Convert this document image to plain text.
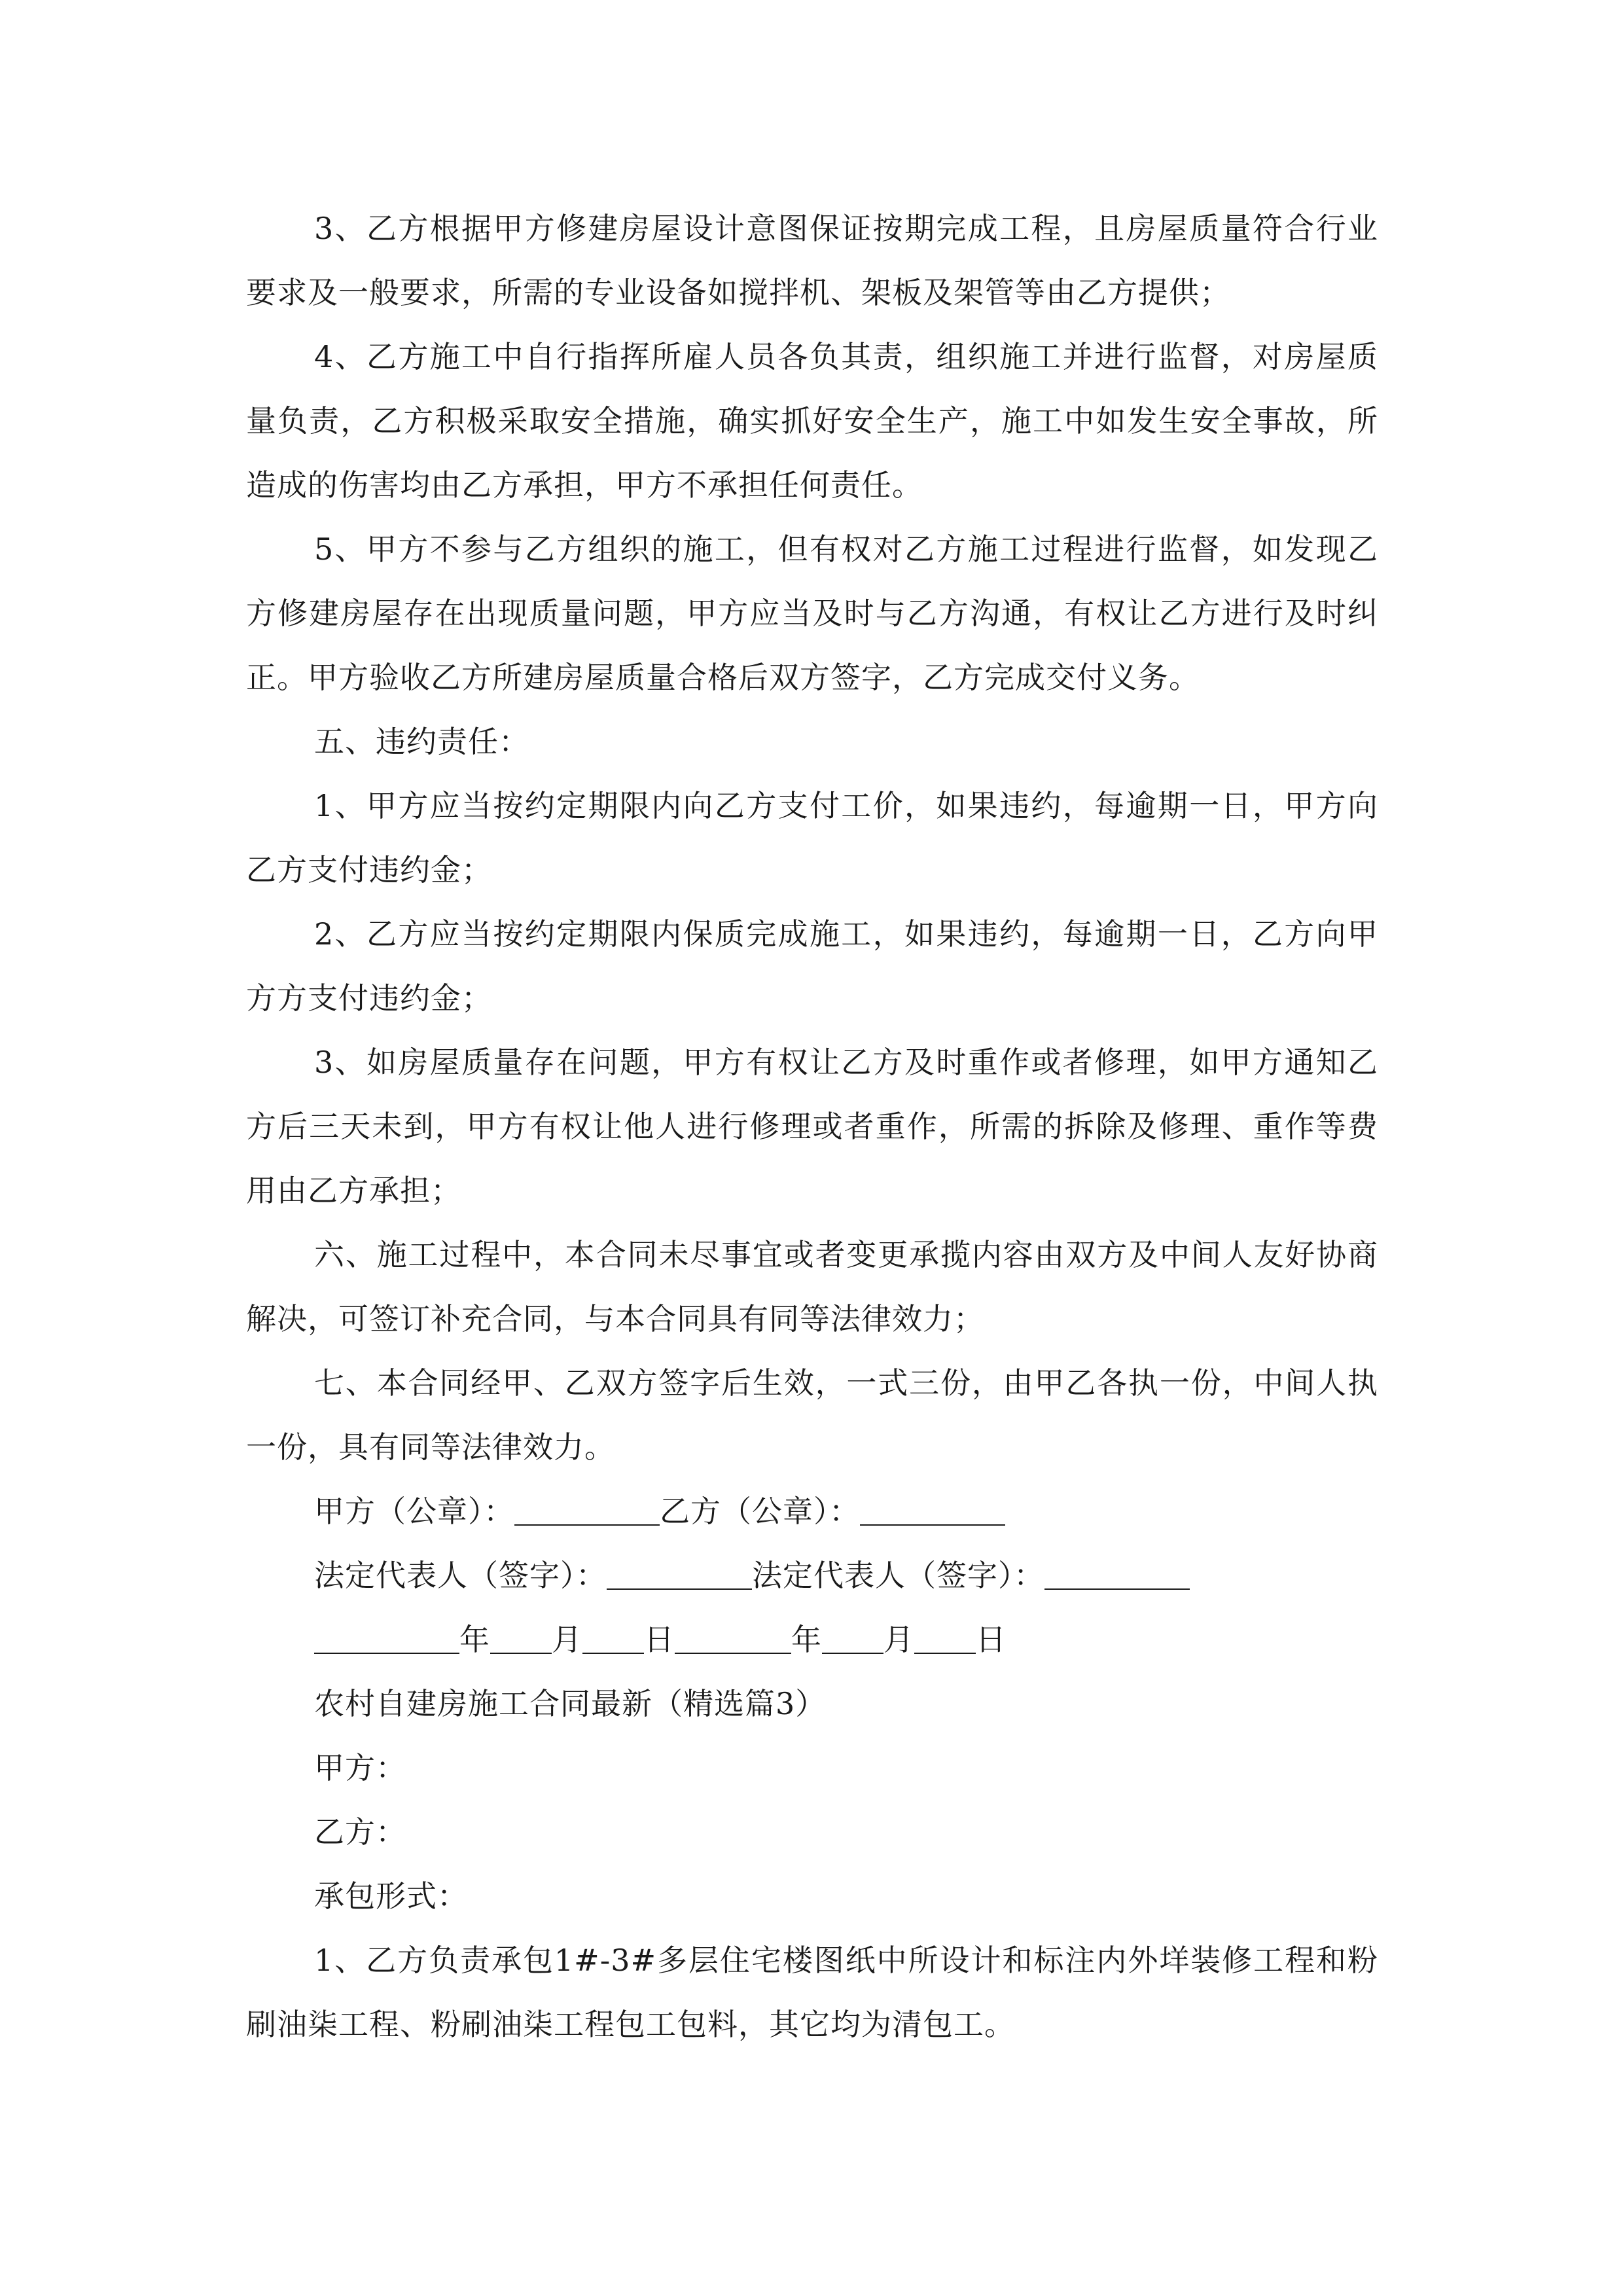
3、乙方根据甲方修建房屋设计意图保证按期完成工程，且房屋质量符合行业要求及一般要求，所需的专业设备如搅拌机、架板及架管等由乙方提供；

4、乙方施工中自行指挥所雇人员各负其责，组织施工并进行监督，对房屋质量负责，乙方积极采取安全措施，确实抓好安全生产，施工中如发生安全事故，所造成的伤害均由乙方承担，甲方不承担任何责任。

5、甲方不参与乙方组织的施工，但有权对乙方施工过程进行监督，如发现乙方修建房屋存在出现质量问题，甲方应当及时与乙方沟通，有权让乙方进行及时纠正。甲方验收乙方所建房屋质量合格后双方签字，乙方完成交付义务。

五、违约责任：

1、甲方应当按约定期限内向乙方支付工价，如果违约，每逾期一日，甲方向乙方支付违约金；

2、乙方应当按约定期限内保质完成施工，如果违约，每逾期一日，乙方向甲方方支付违约金；

3、如房屋质量存在问题，甲方有权让乙方及时重作或者修理，如甲方通知乙方后三天未到，甲方有权让他人进行修理或者重作，所需的拆除及修理、重作等费用由乙方承担；

六、施工过程中，本合同未尽事宜或者变更承揽内容由双方及中间人友好协商解决，可签订补充合同，与本合同具有同等法律效力；

七、本合同经甲、乙双方签字后生效，一式三份，由甲乙各执一份，中间人执一份，具有同等法律效力。

甲方（公章）：	乙方（公章）：

法定代表人（签字）：	法定代表人（签字）：

年 月 日	年 月 日

农村自建房施工合同最新（精选篇3）

甲方：

乙方：

承包形式：

1、乙方负责承包1#-3#多层住宅楼图纸中所设计和标注内外垟装修工程和粉刷油柒工程、粉刷油柒工程包工包料，其它均为清包工。
